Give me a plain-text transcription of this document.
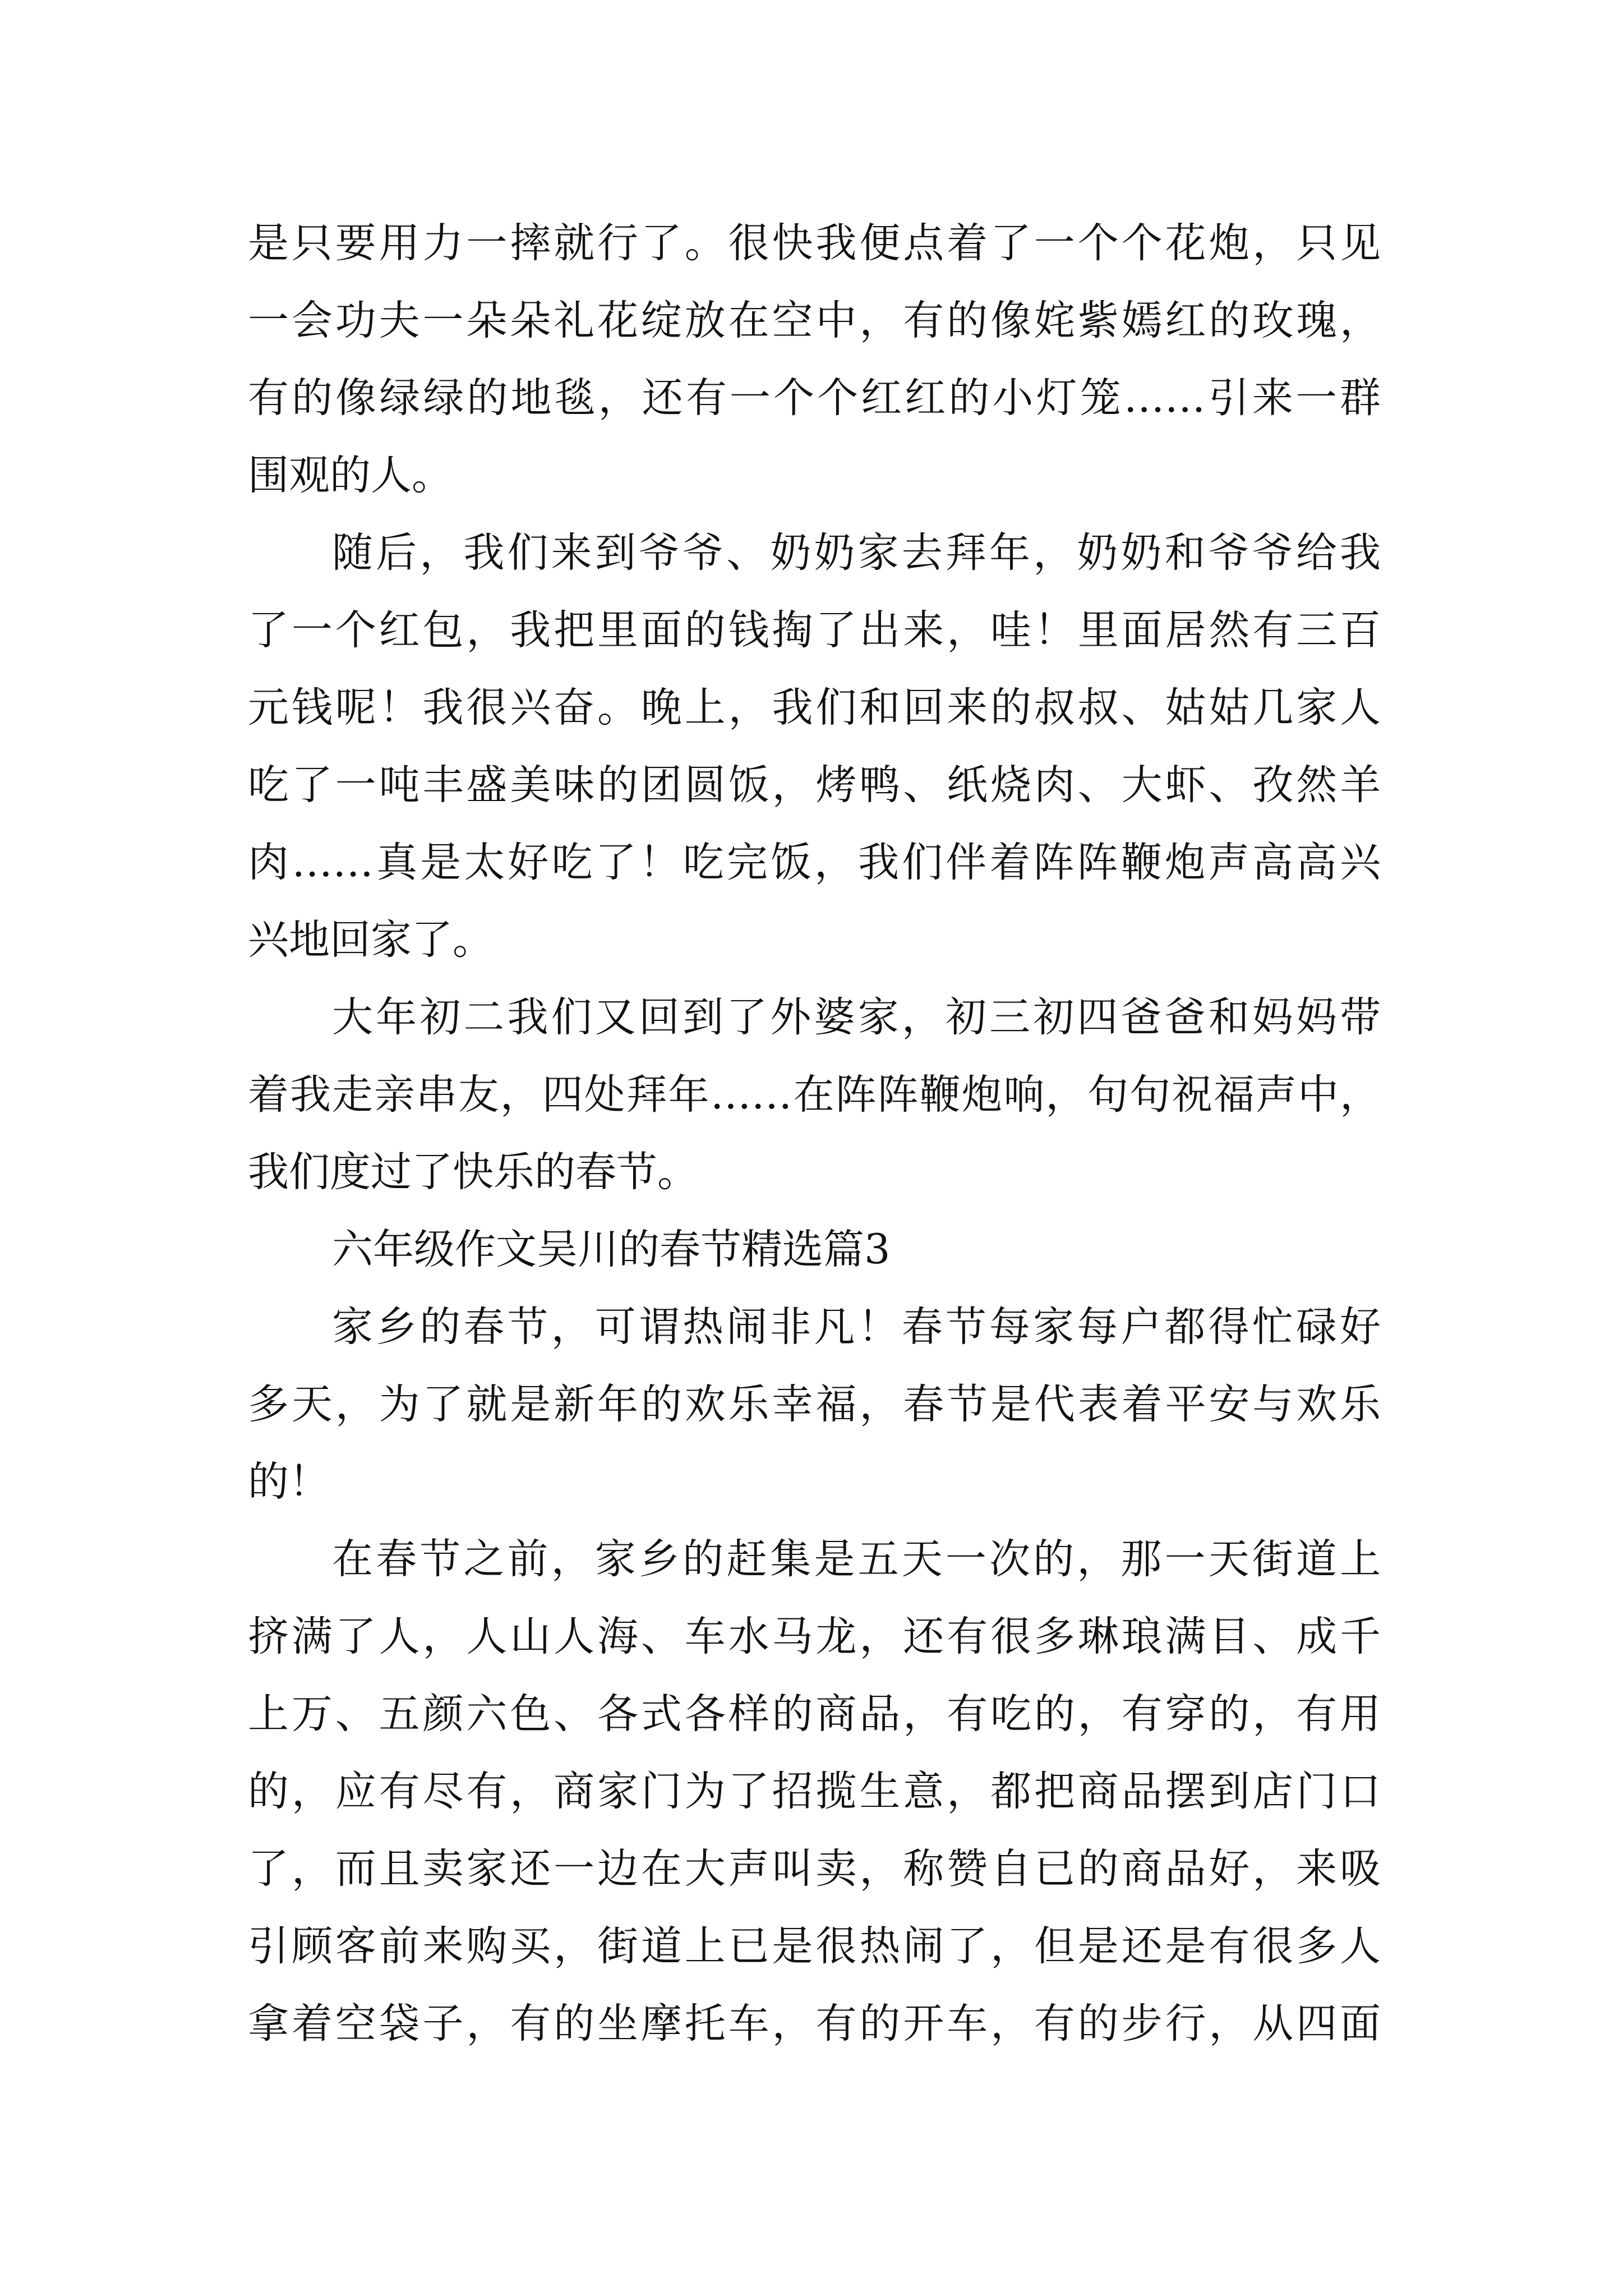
是只要用力一摔就行了。很快我便点着了一个个花炮，只见
一会功夫一朵朵礼花绽放在空中，有的像姹紫嫣红的玫瑰，
有的像绿绿的地毯，还有一个个红红的小灯笼……引来一群
围观的人。
随后，我们来到爷爷、奶奶家去拜年，奶奶和爷爷给我
了一个红包，我把里面的钱掏了出来，哇！里面居然有三百
元钱呢！我很兴奋。晚上，我们和回来的叔叔、姑姑几家人
吃了一吨丰盛美味的团圆饭，烤鸭、纸烧肉、大虾、孜然羊
肉……真是太好吃了！吃完饭，我们伴着阵阵鞭炮声高高兴
兴地回家了。
大年初二我们又回到了外婆家，初三初四爸爸和妈妈带
着我走亲串友，四处拜年……在阵阵鞭炮响，句句祝福声中，
我们度过了快乐的春节。
六年级作文吴川的春节精选篇3
家乡的春节，可谓热闹非凡！春节每家每户都得忙碌好
多天，为了就是新年的欢乐幸福，春节是代表着平安与欢乐
的！
在春节之前，家乡的赶集是五天一次的，那一天街道上
挤满了人，人山人海、车水马龙，还有很多琳琅满目、成千
上万、五颜六色、各式各样的商品，有吃的，有穿的，有用
的，应有尽有，商家门为了招揽生意，都把商品摆到店门口
了，而且卖家还一边在大声叫卖，称赞自已的商品好，来吸
引顾客前来购买，街道上已是很热闹了，但是还是有很多人
拿着空袋子，有的坐摩托车，有的开车，有的步行，从四面
